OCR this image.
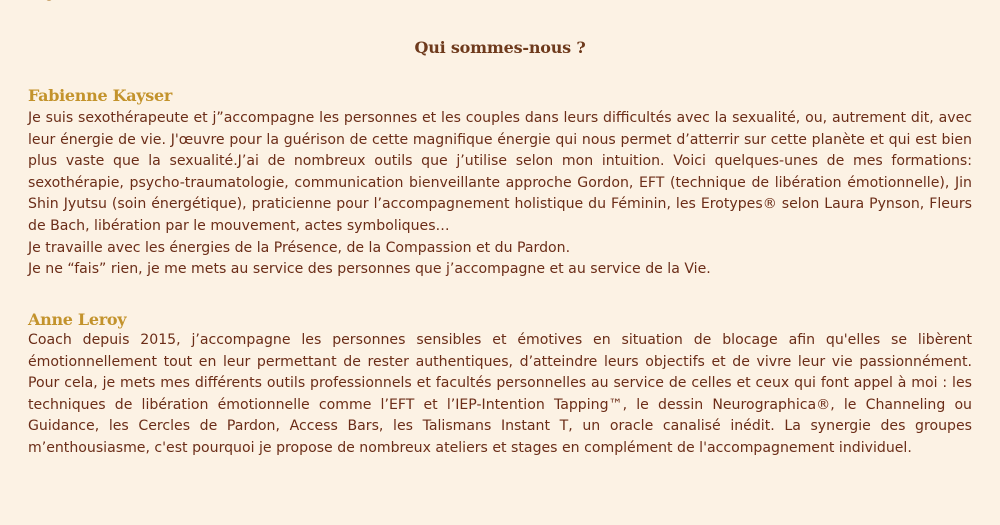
Qui sommes-nous ?
Fabienne Kayser

Je suis sexothérapeute et j”accompagne les personnes et les couples dans leurs difficultés avec la sexualité, ou, autrement dit, avec leur énergie de vie. J'œuvre pour la guérison de cette magnifique énergie qui nous permet d’atterrir sur cette planète et qui est bien plus vaste que la sexualité.J’ai de nombreux outils que j’utilise selon mon intuition. Voici quelques-unes de mes formations: sexothérapie, psycho-traumatologie, communication bienveillante approche Gordon, EFT (technique de libération émotionnelle), Jin Shin Jyutsu (soin énergétique), praticienne pour l’accompagnement holistique du Féminin, les Erotypes® selon Laura Pynson, Fleurs de Bach, libération par le mouvement, actes symboliques…

Je travaille avec les énergies de la Présence, de la Compassion et du Pardon.

Je ne “fais” rien, je me mets au service des personnes que j’accompagne et au service de la Vie.

Anne Leroy

Coach depuis 2015, j’accompagne les personnes sensibles et émotives en situation de blocage afin qu'elles se libèrent émotionnellement tout en leur permettant de rester authentiques, d’atteindre leurs objectifs et de vivre leur vie passionnément. Pour cela, je mets mes différents outils professionnels et facultés personnelles au service de celles et ceux qui font appel à moi : les techniques de libération émotionnelle comme l’EFT et l’IEP-Intention Tapping™, le dessin Neurographica®, le Channeling ou Guidance, les Cercles de Pardon, Access Bars, les Talismans Instant T, un oracle canalisé inédit. La synergie des groupes m’enthousiasme, c'est pourquoi je propose de nombreux ateliers et stages en complément de l'accompagnement individuel.
